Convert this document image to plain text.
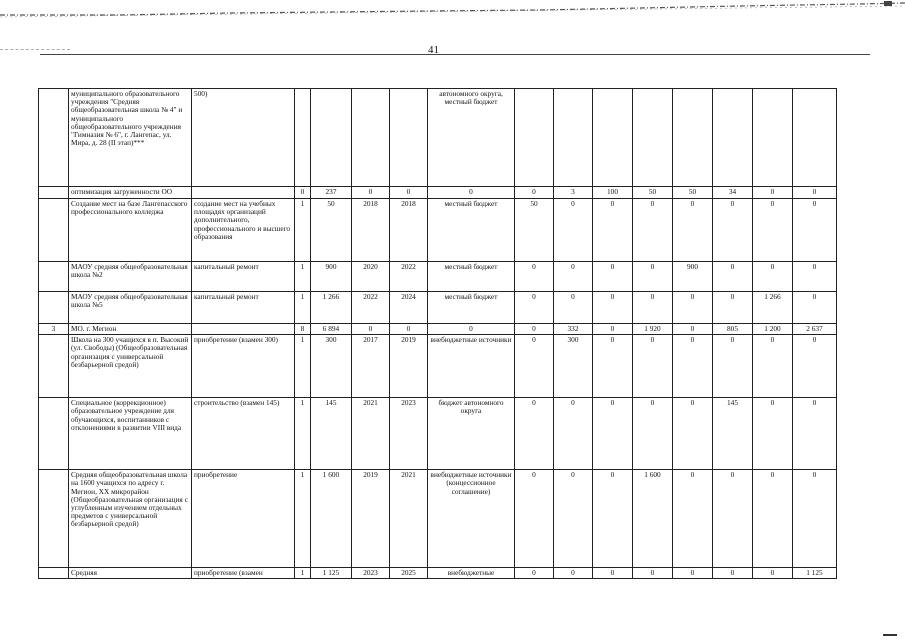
41
	муниципального образовательного учреждения "Средняя общеобразовательная школа № 4" и муниципального общеобразовательного учреждения "Гимназия № 6", г. Лангепас, ул. Мира, д. 28 (II этап)***	500)					автономного округа, местный бюджет								
	оптимизация загруженности ОО		0	237	0	0	0	0	3	100	50	50	34	0	0
	Создание мест на базе Лангепасского профессионального колледжа	создание мест на учебных площадях организаций дополнительного, профессионального и высшего образования	1	50	2018	2018	местный бюджет	50	0	0	0	0	0	0	0
	МАОУ средняя общеобразовательная школа №2	капитальный ремонт	1	900	2020	2022	местный бюджет	0	0	0	0	900	0	0	0
	МАОУ средняя общеобразовательная школа №5	капитальный ремонт	1	1 266	2022	2024	местный бюджет	0	0	0	0	0	0	1 266	0
3	МО. г. Мегион		8	6 894	0	0	0	0	332	0	1 920	0	805	1 200	2 637
	Школа на 300 учащихся в п. Высокий (ул. Свободы) (Общеобразовательная организация с универсальной безбарьерной средой)	приобретение (взамен 300)	1	300	2017	2019	внебюджетные источники	0	300	0	0	0	0	0	0
	Специальное (коррекционное) образовательное учреждение для обучающихся, воспитанников с отклонениями в развитии VIII вида	строительство (взамен 145)	1	145	2021	2023	бюджет автономного округа	0	0	0	0	0	145	0	0
	Средняя общеобразовательная школа на 1600 учащихся по адресу г. Мегион, XX микрорайон (Общеобразовательная организация с углубленным изучением отдельных предметов с универсальной безбарьерной средой)	приобретение	1	1 600	2019	2021	внебюджетные источники (концессионное соглашение)	0	0	0	1 600	0	0	0	0
	Средняя	приобретение (взамен	1	1 125	2023	2025	внебюджетные	0	0	0	0	0	0	0	1 125
